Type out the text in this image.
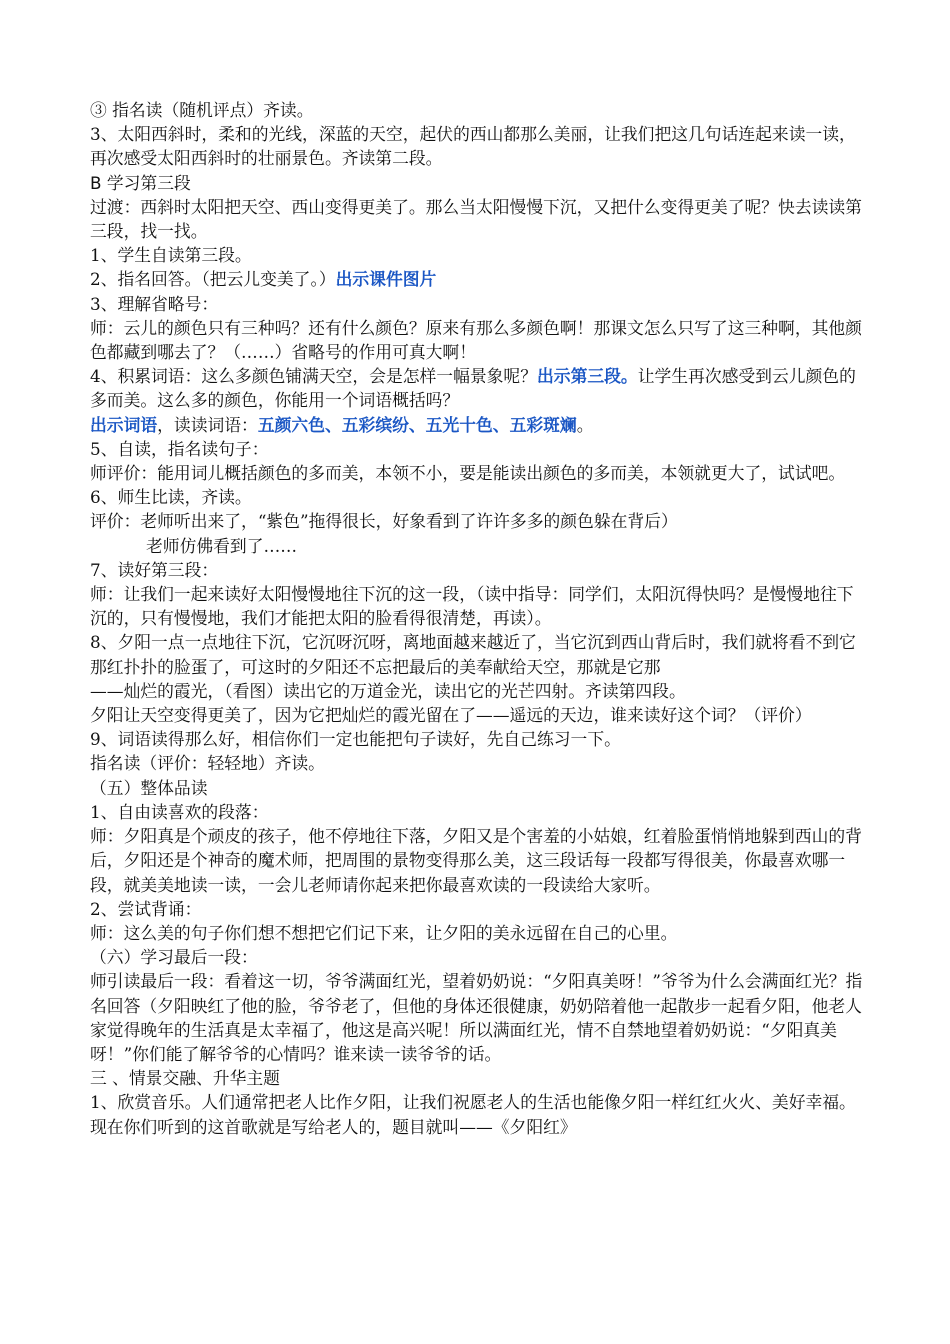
③ 指名读（随机评点）齐读。

3、太阳西斜时，柔和的光线，深蓝的天空，起伏的西山都那么美丽，让我们把这几句话连起来读一读，再次感受太阳西斜时的壮丽景色。齐读第二段。

B 学习第三段

过渡：西斜时太阳把天空、西山变得更美了。那么当太阳慢慢下沉，又把什么变得更美了呢？快去读读第三段，找一找。

1、学生自读第三段。

2、指名回答。（把云儿变美了。）出示课件图片

3、理解省略号：

师：云儿的颜色只有三种吗？还有什么颜色？原来有那么多颜色啊！那课文怎么只写了这三种啊，其他颜色都藏到哪去了？（……）省略号的作用可真大啊！

4、积累词语：这么多颜色铺满天空，会是怎样一幅景象呢？出示第三段。让学生再次感受到云儿颜色的多而美。这么多的颜色，你能用一个词语概括吗？

出示词语，读读词语：五颜六色、五彩缤纷、五光十色、五彩斑斓。

5、自读，指名读句子：

师评价：能用词儿概括颜色的多而美，本领不小，要是能读出颜色的多而美，本领就更大了，试试吧。

6、师生比读，齐读。

评价：老师听出来了，“紫色”拖得很长，好象看到了许许多多的颜色躲在背后）

老师仿佛看到了……

7、读好第三段：

师：让我们一起来读好太阳慢慢地往下沉的这一段，（读中指导：同学们，太阳沉得快吗？是慢慢地往下沉的，只有慢慢地，我们才能把太阳的脸看得很清楚，再读）。

8、夕阳一点一点地往下沉，它沉呀沉呀，离地面越来越近了，当它沉到西山背后时，我们就将看不到它那红扑扑的脸蛋了，可这时的夕阳还不忘把最后的美奉献给天空，那就是它那

——灿烂的霞光，（看图）读出它的万道金光，读出它的光芒四射。齐读第四段。

夕阳让天空变得更美了，因为它把灿烂的霞光留在了——遥远的天边，谁来读好这个词？（评价）

9、词语读得那么好，相信你们一定也能把句子读好，先自己练习一下。

指名读（评价：轻轻地）齐读。

（五）整体品读

1、自由读喜欢的段落：

师：夕阳真是个顽皮的孩子，他不停地往下落，夕阳又是个害羞的小姑娘，红着脸蛋悄悄地躲到西山的背后，夕阳还是个神奇的魔术师，把周围的景物变得那么美，这三段话每一段都写得很美，你最喜欢哪一段，就美美地读一读，一会儿老师请你起来把你最喜欢读的一段读给大家听。

2、尝试背诵：

师：这么美的句子你们想不想把它们记下来，让夕阳的美永远留在自己的心里。

（六）学习最后一段：

师引读最后一段：看着这一切，爷爷满面红光，望着奶奶说：“夕阳真美呀！”爷爷为什么会满面红光？指名回答（夕阳映红了他的脸，爷爷老了，但他的身体还很健康，奶奶陪着他一起散步一起看夕阳，他老人家觉得晚年的生活真是太幸福了，他这是高兴呢！所以满面红光，情不自禁地望着奶奶说：“夕阳真美呀！”你们能了解爷爷的心情吗？谁来读一读爷爷的话。

三 、情景交融、升华主题

1、欣赏音乐。人们通常把老人比作夕阳，让我们祝愿老人的生活也能像夕阳一样红红火火、美好幸福。现在你们听到的这首歌就是写给老人的，题目就叫——《夕阳红》
